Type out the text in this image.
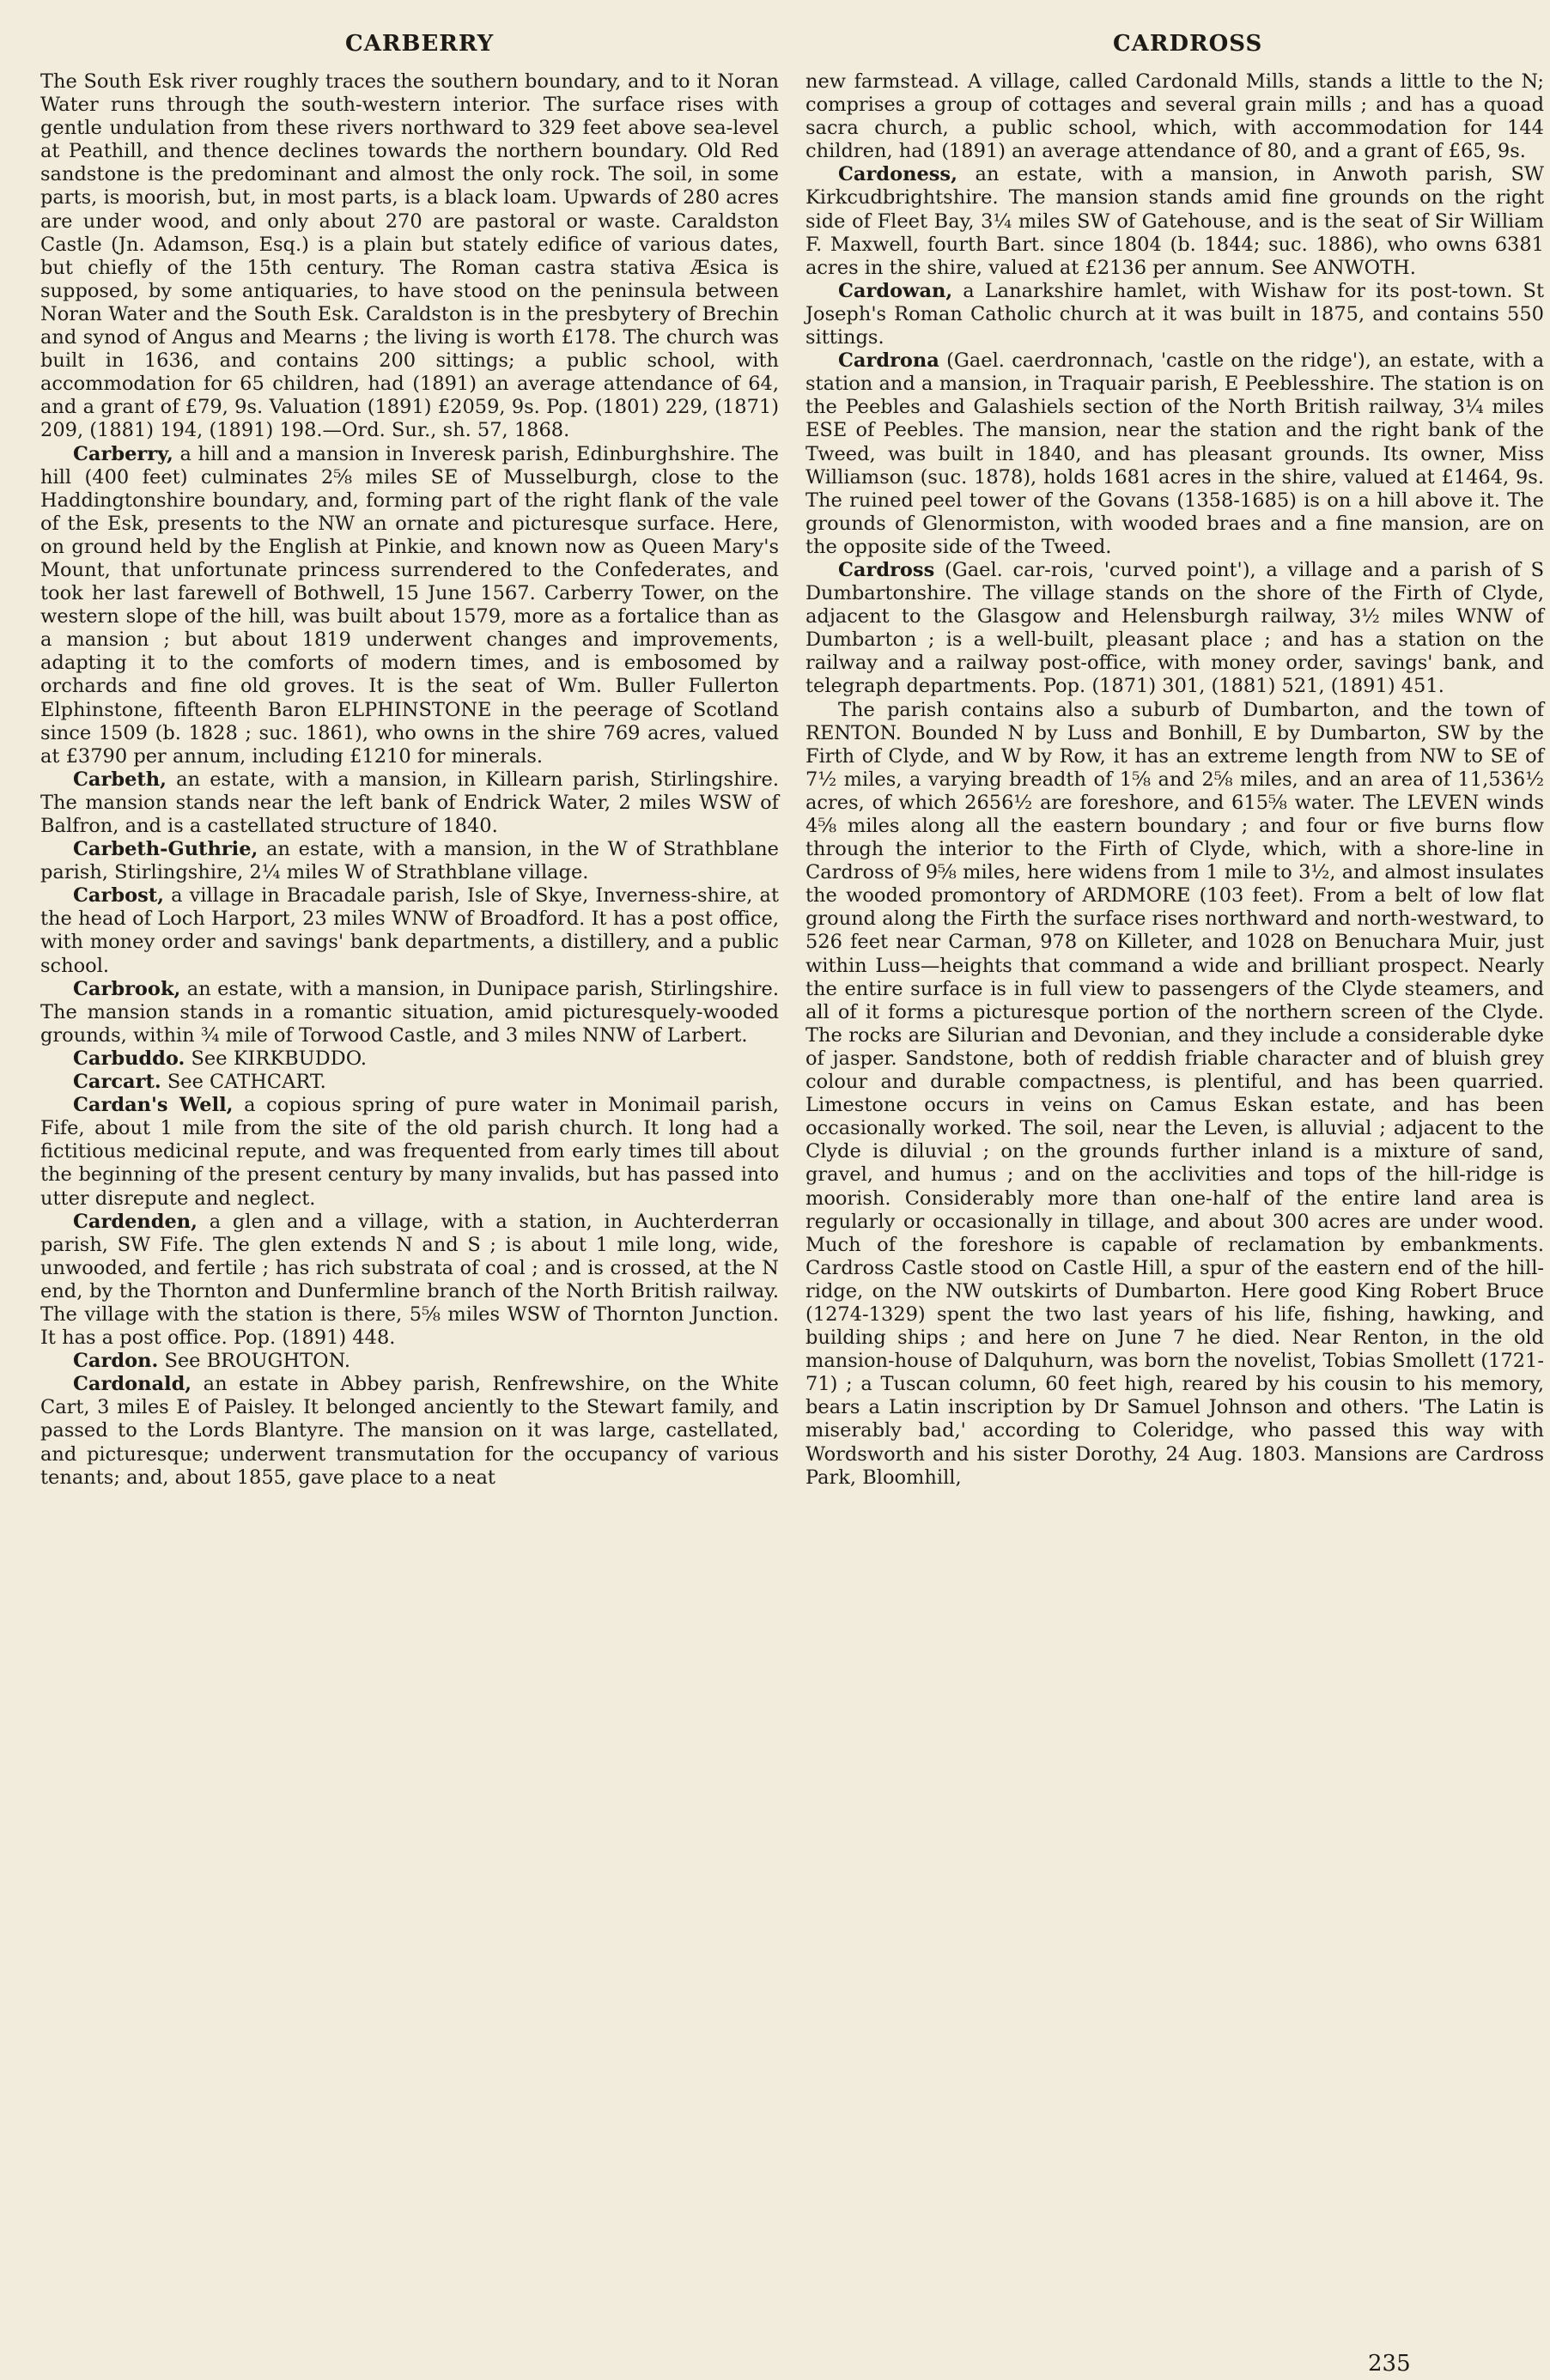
CARBERRY	CARDROSS

The South Esk river roughly traces the southern boundary, and to it Noran Water runs through the south-western interior. The surface rises with gentle undulation from these rivers northward to 329 feet above sea-level at Peathill, and thence declines towards the northern boundary. Old Red sandstone is the predominant and almost the only rock. The soil, in some parts, is moorish, but, in most parts, is a black loam. Upwards of 280 acres are under wood, and only about 270 are pastoral or waste. Caraldston Castle (Jn. Adamson, Esq.) is a plain but stately edifice of various dates, but chiefly of the 15th century. The Roman castra stativa Æsica is supposed, by some antiquaries, to have stood on the peninsula between Noran Water and the South Esk. Caraldston is in the presbytery of Brechin and synod of Angus and Mearns ; the living is worth £178. The church was built in 1636, and contains 200 sittings; a public school, with accommodation for 65 children, had (1891) an average attendance of 64, and a grant of £79, 9s. Valuation (1891) £2059, 9s. Pop. (1801) 229, (1871) 209, (1881) 194, (1891) 198.—Ord. Sur., sh. 57, 1868.

Carberry, a hill and a mansion in Inveresk parish, Edinburghshire. The hill (400 feet) culminates 2⅝ miles SE of Musselburgh, close to the Haddingtonshire boundary, and, forming part of the right flank of the vale of the Esk, presents to the NW an ornate and picturesque surface. Here, on ground held by the English at Pinkie, and known now as Queen Mary's Mount, that unfortunate princess surrendered to the Confederates, and took her last farewell of Bothwell, 15 June 1567. Carberry Tower, on the western slope of the hill, was built about 1579, more as a fortalice than as a mansion ; but about 1819 underwent changes and improvements, adapting it to the comforts of modern times, and is embosomed by orchards and fine old groves. It is the seat of Wm. Buller Fullerton Elphinstone, fifteenth Baron ELPHINSTONE in the peerage of Scotland since 1509 (b. 1828 ; suc. 1861), who owns in the shire 769 acres, valued at £3790 per annum, including £1210 for minerals.

Carbeth, an estate, with a mansion, in Killearn parish, Stirlingshire. The mansion stands near the left bank of Endrick Water, 2 miles WSW of Balfron, and is a castellated structure of 1840.

Carbeth-Guthrie, an estate, with a mansion, in the W of Strathblane parish, Stirlingshire, 2¼ miles W of Strathblane village.

Carbost, a village in Bracadale parish, Isle of Skye, Inverness-shire, at the head of Loch Harport, 23 miles WNW of Broadford. It has a post office, with money order and savings' bank departments, a distillery, and a public school.

Carbrook, an estate, with a mansion, in Dunipace parish, Stirlingshire. The mansion stands in a romantic situation, amid picturesquely-wooded grounds, within ¾ mile of Torwood Castle, and 3 miles NNW of Larbert.

Carbuddo. See KIRKBUDDO.

Carcart. See CATHCART.

Cardan's Well, a copious spring of pure water in Monimail parish, Fife, about 1 mile from the site of the old parish church. It long had a fictitious medicinal repute, and was frequented from early times till about the beginning of the present century by many invalids, but has passed into utter disrepute and neglect.

Cardenden, a glen and a village, with a station, in Auchterderran parish, SW Fife. The glen extends N and S ; is about 1 mile long, wide, unwooded, and fertile ; has rich substrata of coal ; and is crossed, at the N end, by the Thornton and Dunfermline branch of the North British railway. The village with the station is there, 5⅝ miles WSW of Thornton Junction. It has a post office. Pop. (1891) 448.

Cardon. See BROUGHTON.

Cardonald, an estate in Abbey parish, Renfrewshire, on the White Cart, 3 miles E of Paisley. It belonged anciently to the Stewart family, and passed to the Lords Blantyre. The mansion on it was large, castellated, and picturesque; underwent transmutation for the occupancy of various tenants; and, about 1855, gave place to a neat

new farmstead. A village, called Cardonald Mills, stands a little to the N; comprises a group of cottages and several grain mills ; and has a quoad sacra church, a public school, which, with accommodation for 144 children, had (1891) an average attendance of 80, and a grant of £65, 9s.

Cardoness, an estate, with a mansion, in Anwoth parish, SW Kirkcudbrightshire. The mansion stands amid fine grounds on the right side of Fleet Bay, 3¼ miles SW of Gatehouse, and is the seat of Sir William F. Maxwell, fourth Bart. since 1804 (b. 1844; suc. 1886), who owns 6381 acres in the shire, valued at £2136 per annum. See ANWOTH.

Cardowan, a Lanarkshire hamlet, with Wishaw for its post-town. St Joseph's Roman Catholic church at it was built in 1875, and contains 550 sittings.

Cardrona (Gael. caerdronnach, 'castle on the ridge'), an estate, with a station and a mansion, in Traquair parish, E Peeblesshire. The station is on the Peebles and Galashiels section of the North British railway, 3¼ miles ESE of Peebles. The mansion, near the station and the right bank of the Tweed, was built in 1840, and has pleasant grounds. Its owner, Miss Williamson (suc. 1878), holds 1681 acres in the shire, valued at £1464, 9s. The ruined peel tower of the Govans (1358-1685) is on a hill above it. The grounds of Glenormiston, with wooded braes and a fine mansion, are on the opposite side of the Tweed.

Cardross (Gael. car-rois, 'curved point'), a village and a parish of S Dumbartonshire. The village stands on the shore of the Firth of Clyde, adjacent to the Glasgow and Helensburgh railway, 3½ miles WNW of Dumbarton ; is a well-built, pleasant place ; and has a station on the railway and a railway post-office, with money order, savings' bank, and telegraph departments. Pop. (1871) 301, (1881) 521, (1891) 451.

The parish contains also a suburb of Dumbarton, and the town of RENTON. Bounded N by Luss and Bonhill, E by Dumbarton, SW by the Firth of Clyde, and W by Row, it has an extreme length from NW to SE of 7½ miles, a varying breadth of 1⅝ and 2⅝ miles, and an area of 11,536½ acres, of which 2656½ are foreshore, and 615⅝ water. The LEVEN winds 4⅝ miles along all the eastern boundary ; and four or five burns flow through the interior to the Firth of Clyde, which, with a shore-line in Cardross of 9⅝ miles, here widens from 1 mile to 3½, and almost insulates the wooded promontory of ARDMORE (103 feet). From a belt of low flat ground along the Firth the surface rises northward and north-westward, to 526 feet near Carman, 978 on Killeter, and 1028 on Benuchara Muir, just within Luss—heights that command a wide and brilliant prospect. Nearly the entire surface is in full view to passengers of the Clyde steamers, and all of it forms a picturesque portion of the northern screen of the Clyde. The rocks are Silurian and Devonian, and they include a considerable dyke of jasper. Sandstone, both of reddish friable character and of bluish grey colour and durable compactness, is plentiful, and has been quarried. Limestone occurs in veins on Camus Eskan estate, and has been occasionally worked. The soil, near the Leven, is alluvial ; adjacent to the Clyde is diluvial ; on the grounds further inland is a mixture of sand, gravel, and humus ; and on the acclivities and tops of the hill-ridge is moorish. Considerably more than one-half of the entire land area is regularly or occasionally in tillage, and about 300 acres are under wood. Much of the foreshore is capable of reclamation by embankments. Cardross Castle stood on Castle Hill, a spur of the eastern end of the hill-ridge, on the NW outskirts of Dumbarton. Here good King Robert Bruce (1274-1329) spent the two last years of his life, fishing, hawking, and building ships ; and here on June 7 he died. Near Renton, in the old mansion-house of Dalquhurn, was born the novelist, Tobias Smollett (1721-71) ; a Tuscan column, 60 feet high, reared by his cousin to his memory, bears a Latin inscription by Dr Samuel Johnson and others. 'The Latin is miserably bad,' according to Coleridge, who passed this way with Wordsworth and his sister Dorothy, 24 Aug. 1803. Mansions are Cardross Park, Bloomhill,

235
